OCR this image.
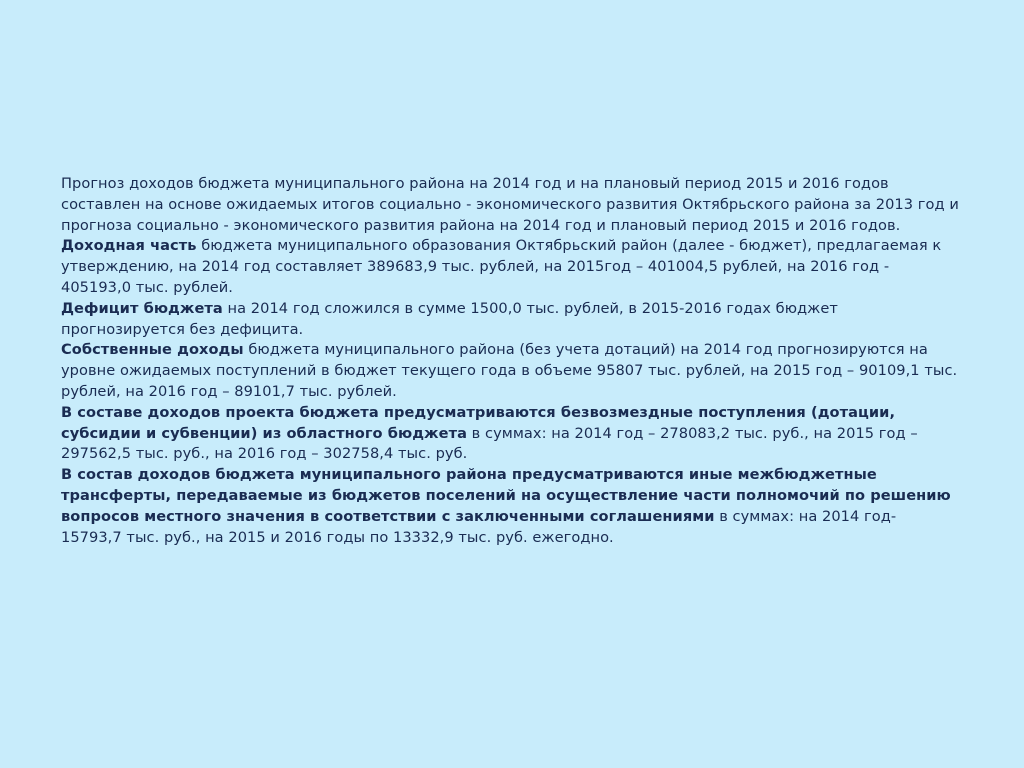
Прогноз доходов бюджета муниципального района на 2014 год и на плановый период 2015 и 2016 годов составлен на основе ожидаемых итогов социально - экономического развития Октябрьского района за 2013 год и прогноза социально - экономического развития района на 2014 год и плановый период 2015 и 2016 годов.

Доходная часть бюджета муниципального образования Октябрьский район (далее - бюджет), предлагаемая к утверждению, на 2014 год составляет 389683,9 тыс. рублей, на 2015год – 401004,5 рублей, на 2016 год - 405193,0 тыс. рублей.

Дефицит бюджета на 2014 год сложился в сумме 1500,0 тыс. рублей, в 2015-2016 годах бюджет прогнозируется без дефицита.

Собственные доходы бюджета муниципального района (без учета дотаций) на 2014 год прогнозируются на уровне ожидаемых поступлений в бюджет текущего года в объеме 95807 тыс. рублей, на 2015 год – 90109,1 тыс. рублей, на 2016 год – 89101,7 тыс. рублей.

В составе доходов проекта бюджета предусматриваются безвозмездные поступления (дотации, субсидии и субвенции) из областного бюджета в суммах: на 2014 год – 278083,2 тыс. руб., на 2015 год – 297562,5 тыс. руб., на 2016 год – 302758,4 тыс. руб.

В состав доходов бюджета муниципального района предусматриваются иные межбюджетные трансферты, передаваемые из бюджетов поселений на осуществление части полномочий по решению вопросов местного значения в соответствии с заключенными соглашениями в суммах: на 2014 год- 15793,7 тыс. руб., на 2015 и 2016 годы по 13332,9 тыс. руб. ежегодно.
